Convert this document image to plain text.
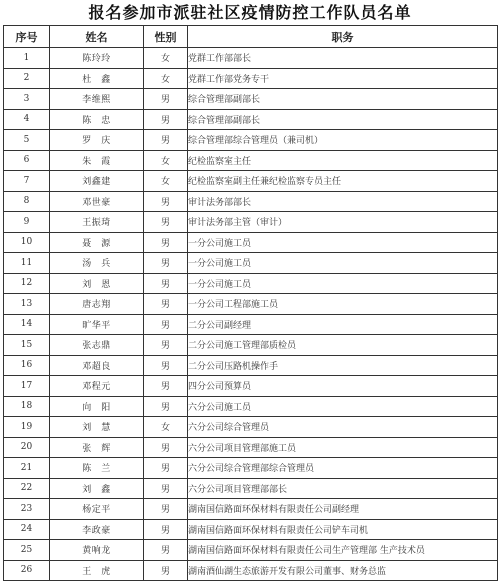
报名参加市派驻社区疫情防控工作队员名单
序号	姓名	性别	职务
1	陈玲玲	女	党群工作部部长
2	杜　鑫	女	党群工作部党务专干
3	李维熙	男	综合管理部副部长
4	陈　忠	男	综合管理部副部长
5	罗　庆	男	综合管理部综合管理员（兼司机）
6	朱　霞	女	纪检监察室主任
7	刘鑫建	女	纪检监察室副主任兼纪检监察专员主任
8	邓世豪	男	审计法务部部长
9	王振琦	男	审计法务部主管（审计）
10	聂　源	男	一分公司施工员
11	汤　兵	男	一分公司施工员
12	刘　恩	男	一分公司施工员
13	唐志翔	男	一分公司工程部施工员
14	旷华平	男	二分公司副经理
15	张志鼎	男	二分公司施工管理部质检员
16	邓超良	男	二分公司压路机操作手
17	邓程元	男	四分公司预算员
18	向　阳	男	六分公司施工员
19	刘　慧	女	六分公司综合管理员
20	张　辉	男	六分公司项目管理部施工员
21	陈　兰	男	六分公司综合管理部综合管理员
22	刘　鑫	男	六分公司项目管理部部长
23	杨定平	男	湖南国信路面环保材料有限责任公司副经理
24	李政豪	男	湖南国信路面环保材料有限责任公司铲车司机
25	黄响龙	男	湖南国信路面环保材料有限责任公司生产管理部 生产技术员
26	王　虎	男	湖南酒仙湖生态旅游开发有限公司董事、财务总监
